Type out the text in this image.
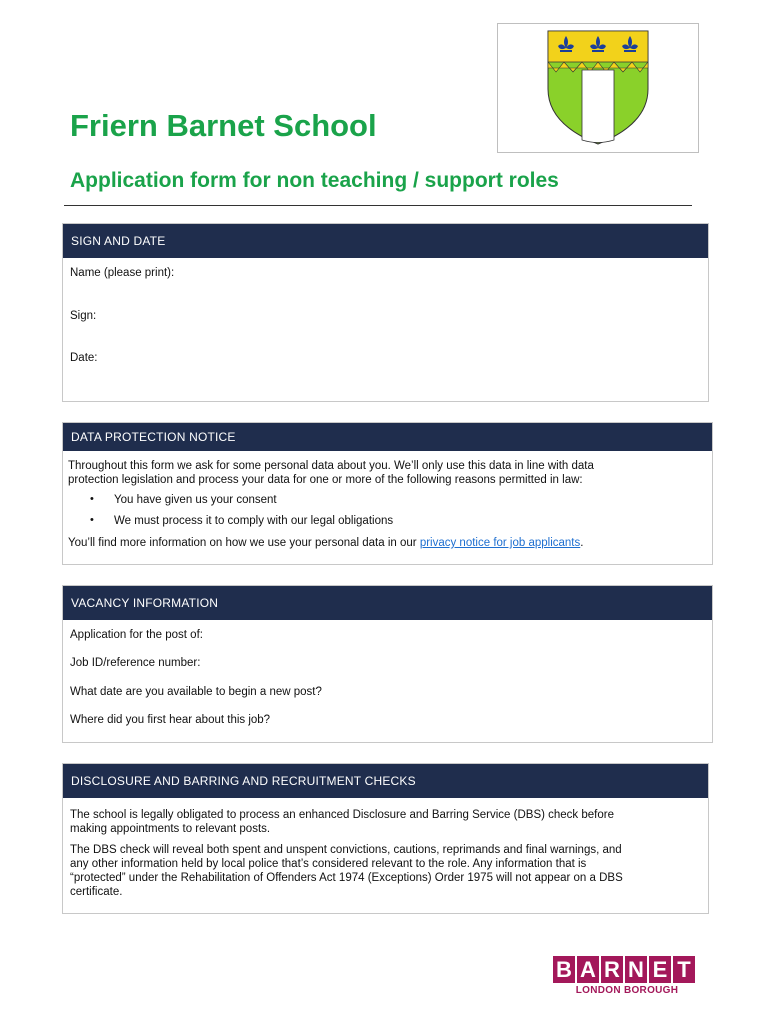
Friern Barnet School
Application form for non teaching / support roles
SIGN AND DATE
Name (please print):
Sign:
Date:
DATA PROTECTION NOTICE
Throughout this form we ask for some personal data about you. We’ll only use this data in line with data
protection legislation and process your data for one or more of the following reasons permitted in law:
• You have given us your consent
• We must process it to comply with our legal obligations
You’ll find more information on how we use your personal data in our privacy notice for job applicants.
VACANCY INFORMATION
Application for the post of:
Job ID/reference number:
What date are you available to begin a new post?
Where did you first hear about this job?
DISCLOSURE AND BARRING AND RECRUITMENT CHECKS
The school is legally obligated to process an enhanced Disclosure and Barring Service (DBS) check before
making appointments to relevant posts.
The DBS check will reveal both spent and unspent convictions, cautions, reprimands and final warnings, and
any other information held by local police that’s considered relevant to the role. Any information that is
“protected” under the Rehabilitation of Offenders Act 1974 (Exceptions) Order 1975 will not appear on a DBS
certificate.
B A R N E T
LONDON BOROUGH
